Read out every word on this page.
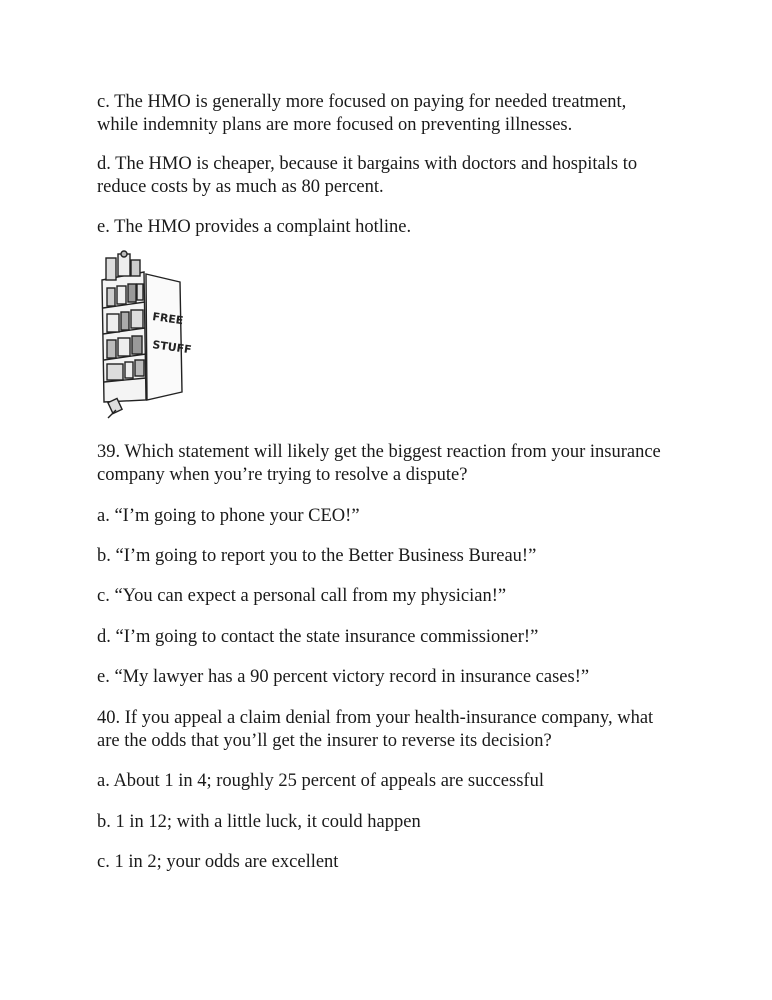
c. The HMO is generally more focused on paying for needed treatment,
while indemnity plans are more focused on preventing illnesses.

d. The HMO is cheaper, because it bargains with doctors and hospitals to
reduce costs by as much as 80 percent.

e. The HMO provides a complaint hotline.

FREE
STUFF

39. Which statement will likely get the biggest reaction from your insurance
company when you’re trying to resolve a dispute?

a. “I’m going to phone your CEO!”

b. “I’m going to report you to the Better Business Bureau!”

c. “You can expect a personal call from my physician!”

d. “I’m going to contact the state insurance commissioner!”

e. “My lawyer has a 90 percent victory record in insurance cases!”

40. If you appeal a claim denial from your health-insurance company, what
are the odds that you’ll get the insurer to reverse its decision?

a. About 1 in 4; roughly 25 percent of appeals are successful

b. 1 in 12; with a little luck, it could happen

c. 1 in 2; your odds are excellent
